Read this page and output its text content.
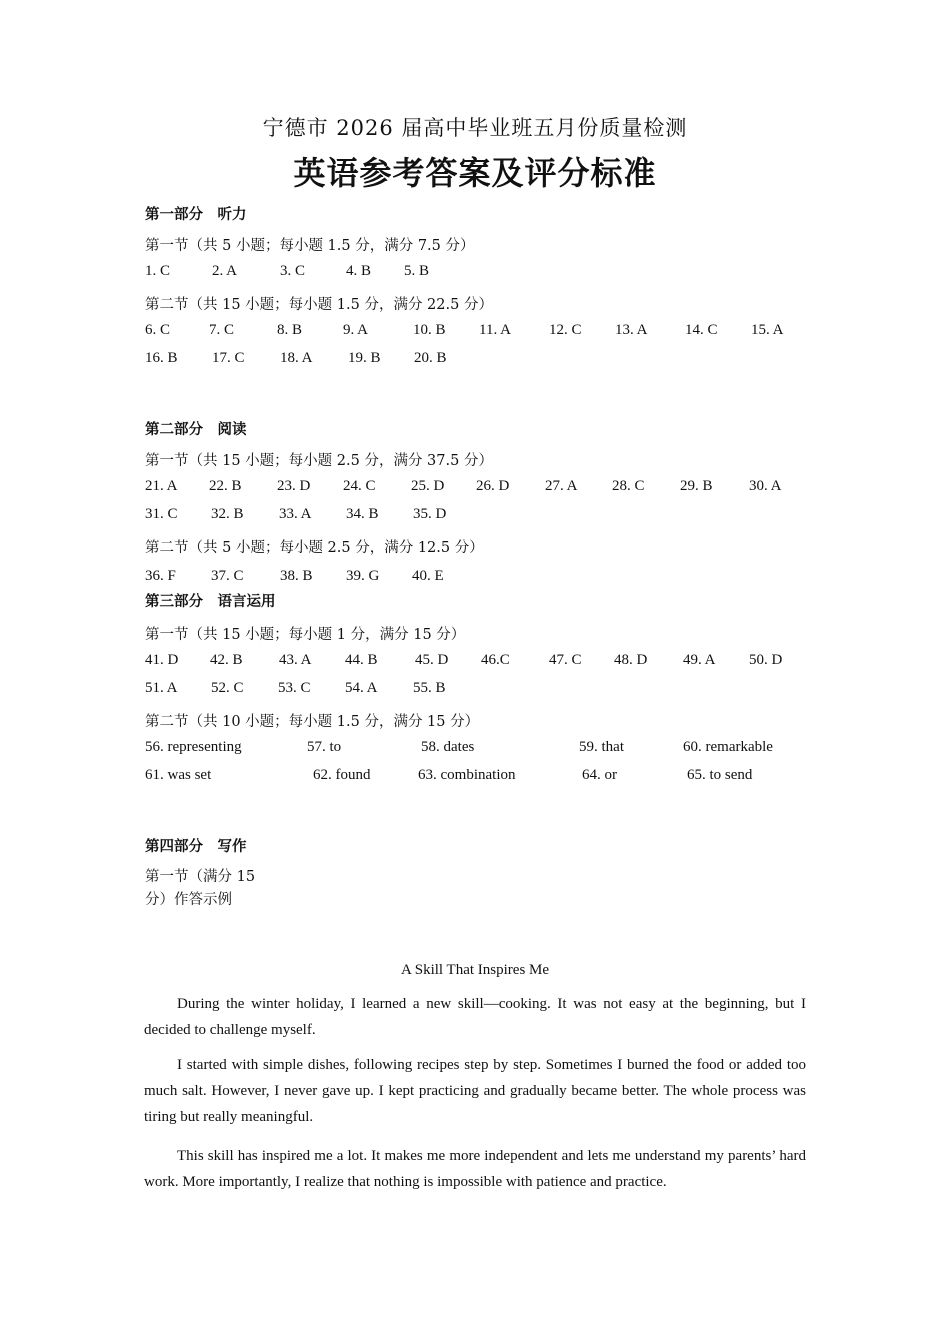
宁德市 2026 届高中毕业班五月份质量检测
英语参考答案及评分标准
第一部分　听力
第一节（共 5 小题；每小题 1.5 分，满分 7.5 分）
1. C	2. A	3. C	4. B 5. B
第二节（共 15 小题；每小题 1.5 分，满分 22.5 分）
6. C	7. C	8. B	9. A	10. B 11. A	12. C 13. A 14. C 15. A
16. B 17. C 18. A 19. B 20. B
第二部分　阅读
第一节（共 15 小题；每小题 2.5 分，满分 37.5 分）
21. A 22. B 23. D 24. C 25. D 26. D 27. A 28. C 29. B 30. A
31. C 32. B 33. A 34. B 35. D
第二节（共 5 小题；每小题 2.5 分，满分 12.5 分）
36. F 37. C 38. B 39. G 40. E
第三部分　语言运用
第一节（共 15 小题；每小题 1 分，满分 15 分）
41. D 42. B 43. A 44. B 45. D 46.C	47. C 48. D 49. A 50. D
51. A 52. C 53. C 54. A 55. B
第二节（共 10 小题；每小题 1.5 分，满分 15 分）
56. representing	57. to	58. dates	59. that	60. remarkable
61. was set	62. found	63. combination	64. or	65. to send
第四部分　写作
第一节（满分 15
分）作答示例
A Skill That Inspires Me

During the winter holiday, I learned a new skill—cooking. It was not easy at the beginning, but I decided to challenge myself.

I started with simple dishes, following recipes step by step. Sometimes I burned the food or added too much salt. However, I never gave up. I kept practicing and gradually became better. The whole process was tiring but really meaningful.

This skill has inspired me a lot. It makes me more independent and lets me understand my parents’ hard work. More importantly, I realize that nothing is impossible with patience and practice.
